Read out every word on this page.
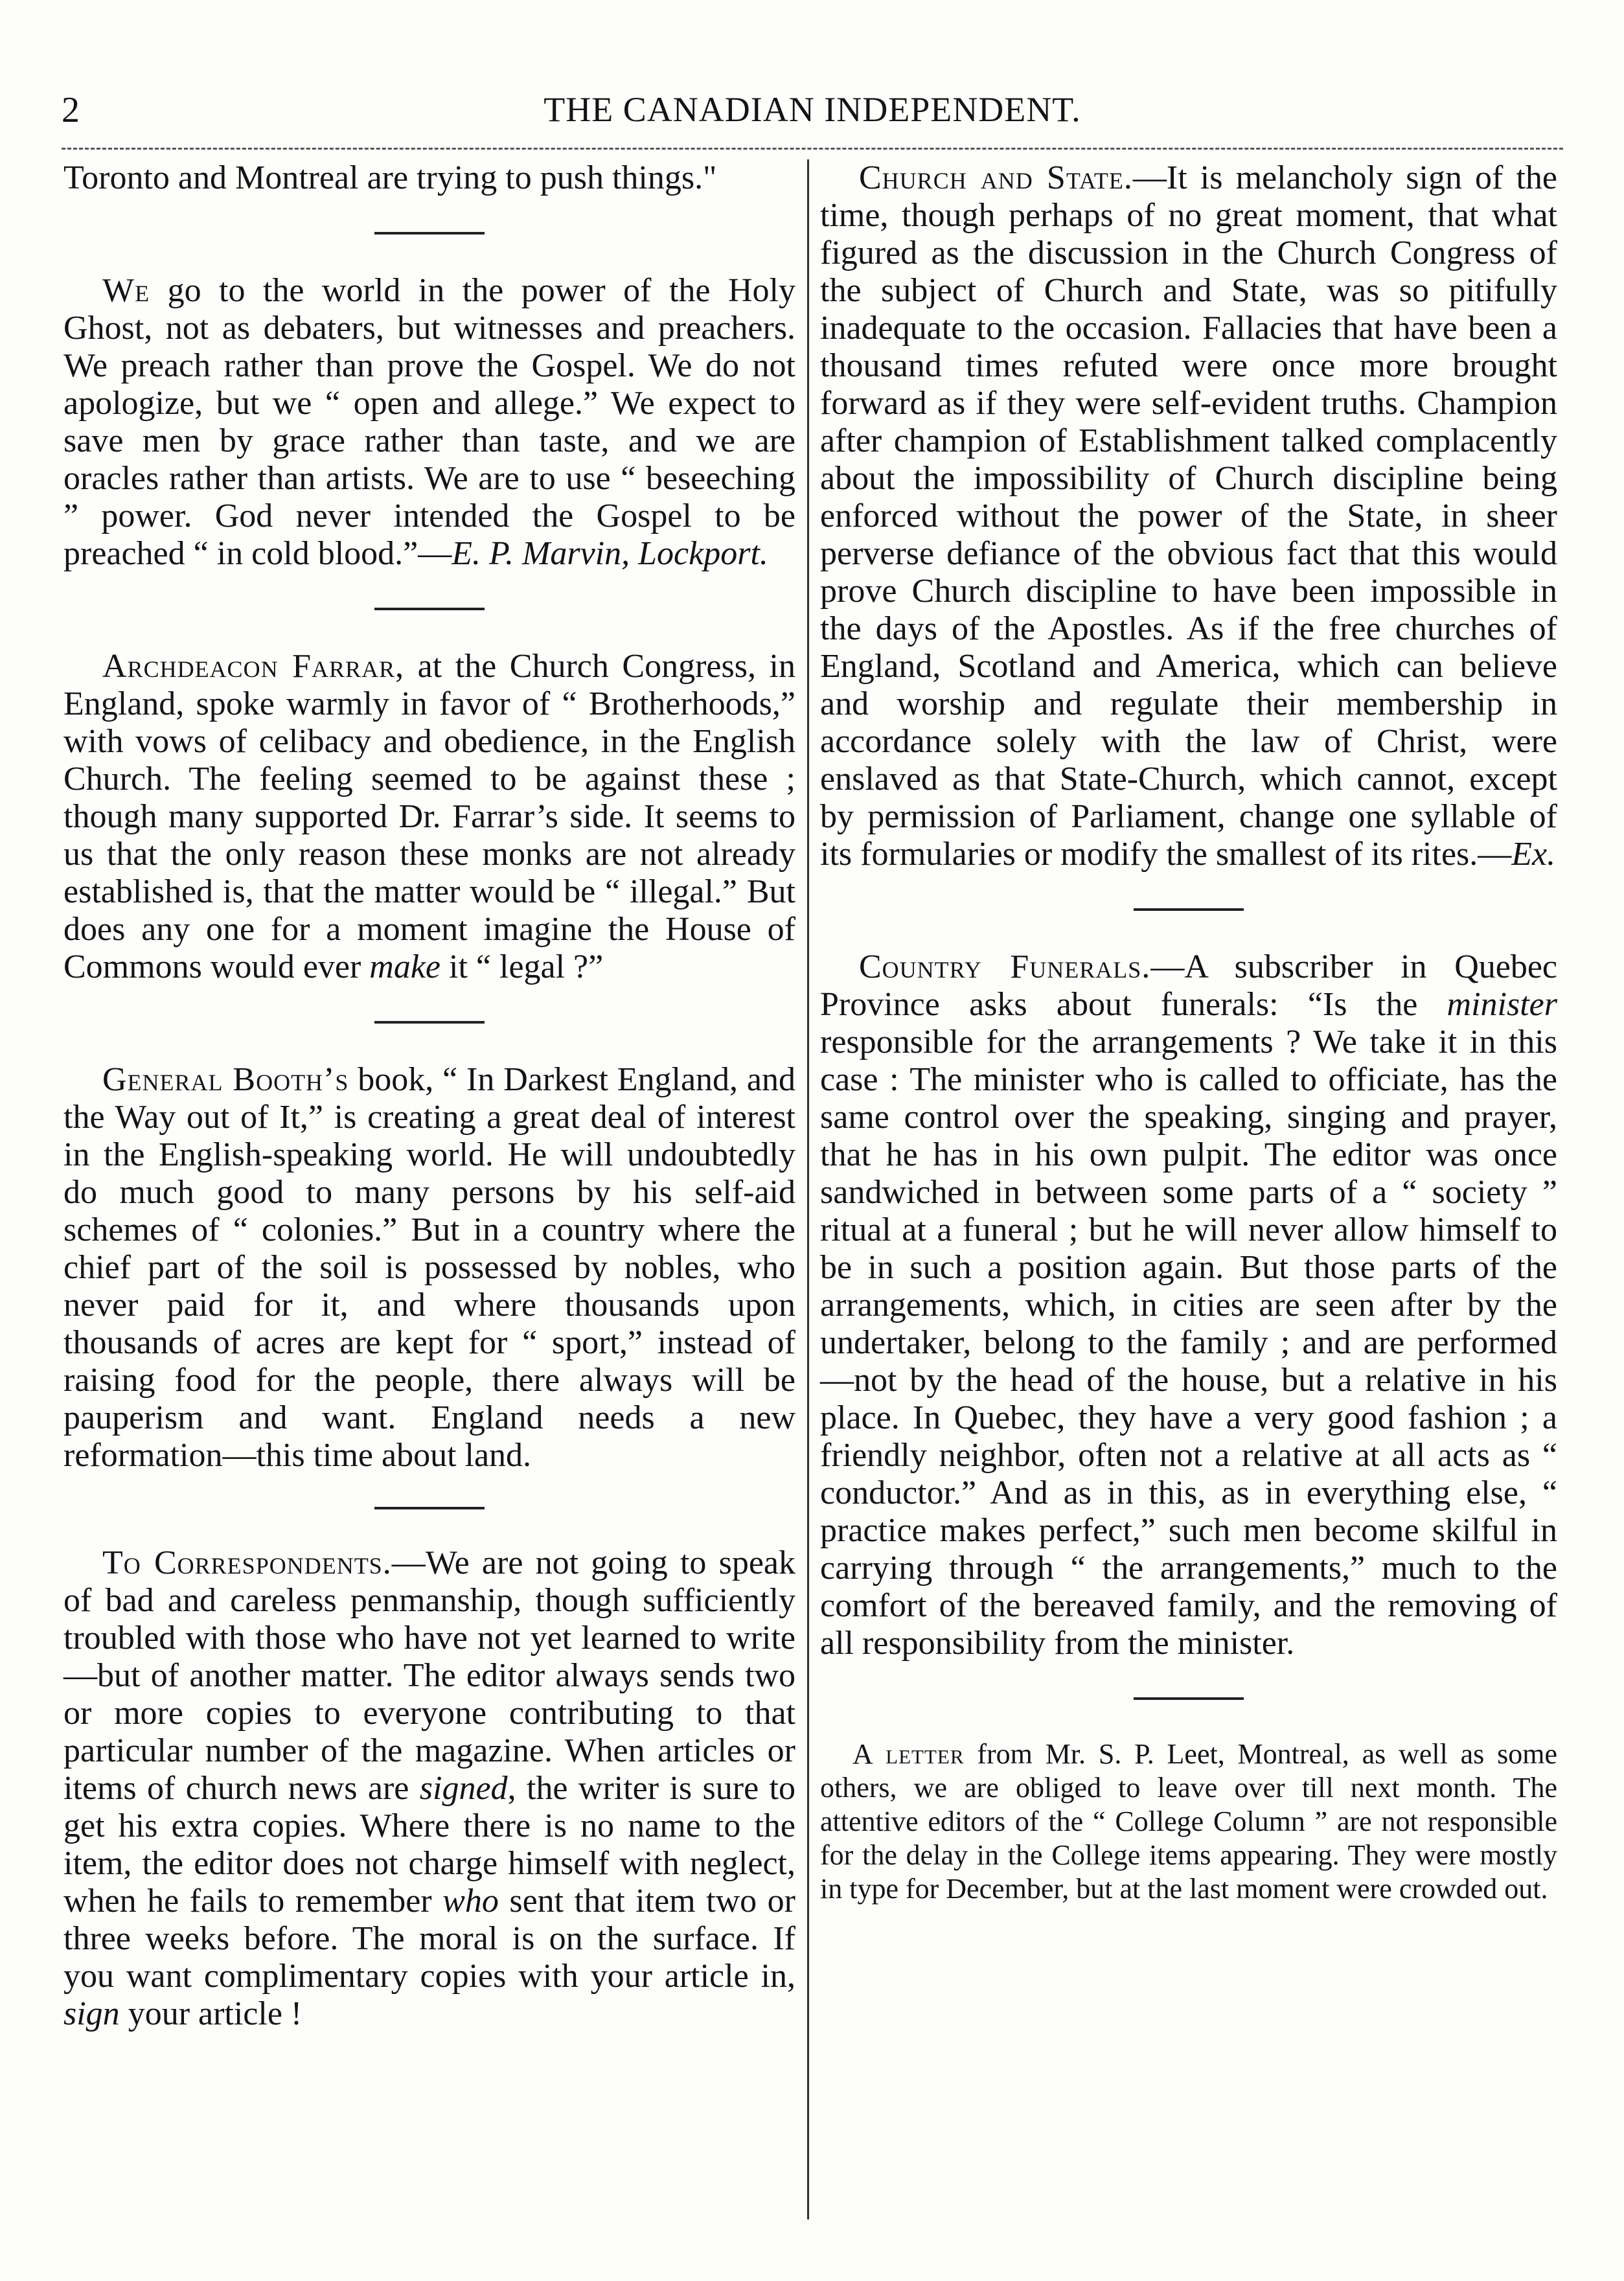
2	THE CANADIAN INDEPENDENT.

Toronto and Montreal are trying to push things."

We go to the world in the power of the Holy Ghost, not as debaters, but witnesses and preachers. We preach rather than prove the Gospel. We do not apologize, but we “ open and allege.” We expect to save men by grace rather than taste, and we are oracles rather than artists. We are to use “ beseeching ” power. God never intended the Gospel to be preached “ in cold blood.”—E. P. Marvin, Lockport.

Archdeacon Farrar, at the Church Congress, in England, spoke warmly in favor of “ Brotherhoods,” with vows of celibacy and obedience, in the English Church. The feeling seemed to be against these ; though many supported Dr. Farrar’s side. It seems to us that the only reason these monks are not already established is, that the matter would be “ illegal.” But does any one for a moment imagine the House of Commons would ever make it “ legal ?”

General Booth’s book, “ In Darkest England, and the Way out of It,” is creating a great deal of interest in the English-speaking world. He will undoubtedly do much good to many persons by his self-aid schemes of “ colonies.” But in a country where the chief part of the soil is possessed by nobles, who never paid for it, and where thousands upon thousands of acres are kept for “ sport,” instead of raising food for the people, there always will be pauperism and want. England needs a new reformation—this time about land.

To Correspondents.—We are not going to speak of bad and careless penmanship, though sufficiently troubled with those who have not yet learned to write—but of another matter. The editor always sends two or more copies to everyone contributing to that particular number of the magazine. When articles or items of church news are signed, the writer is sure to get his extra copies. Where there is no name to the item, the editor does not charge himself with neglect, when he fails to remember who sent that item two or three weeks before. The moral is on the surface. If you want complimentary copies with your article in, sign your article !

Church and State.—It is melancholy sign of the time, though perhaps of no great moment, that what figured as the discussion in the Church Congress of the subject of Church and State, was so pitifully inadequate to the occasion. Fallacies that have been a thousand times refuted were once more brought forward as if they were self-evident truths. Champion after champion of Establishment talked complacently about the impossibility of Church discipline being enforced without the power of the State, in sheer perverse defiance of the obvious fact that this would prove Church discipline to have been impossible in the days of the Apostles. As if the free churches of England, Scotland and America, which can believe and worship and regulate their membership in accordance solely with the law of Christ, were enslaved as that State-Church, which cannot, except by permission of Parliament, change one syllable of its formularies or modify the smallest of its rites.—Ex.

Country Funerals.—A subscriber in Quebec Province asks about funerals: “Is the minister responsible for the arrangements ? We take it in this case : The minister who is called to officiate, has the same control over the speaking, singing and prayer, that he has in his own pulpit. The editor was once sandwiched in between some parts of a “ society ” ritual at a funeral ; but he will never allow himself to be in such a position again. But those parts of the arrangements, which, in cities are seen after by the undertaker, belong to the family ; and are performed—not by the head of the house, but a relative in his place. In Quebec, they have a very good fashion ; a friendly neighbor, often not a relative at all acts as “ conductor.” And as in this, as in everything else, “ practice makes perfect,” such men become skilful in carrying through “ the arrangements,” much to the comfort of the bereaved family, and the removing of all responsibility from the minister.

A letter from Mr. S. P. Leet, Montreal, as well as some others, we are obliged to leave over till next month. The attentive editors of the “ College Column ” are not responsible for the delay in the College items appearing. They were mostly in type for December, but at the last moment were crowded out.
